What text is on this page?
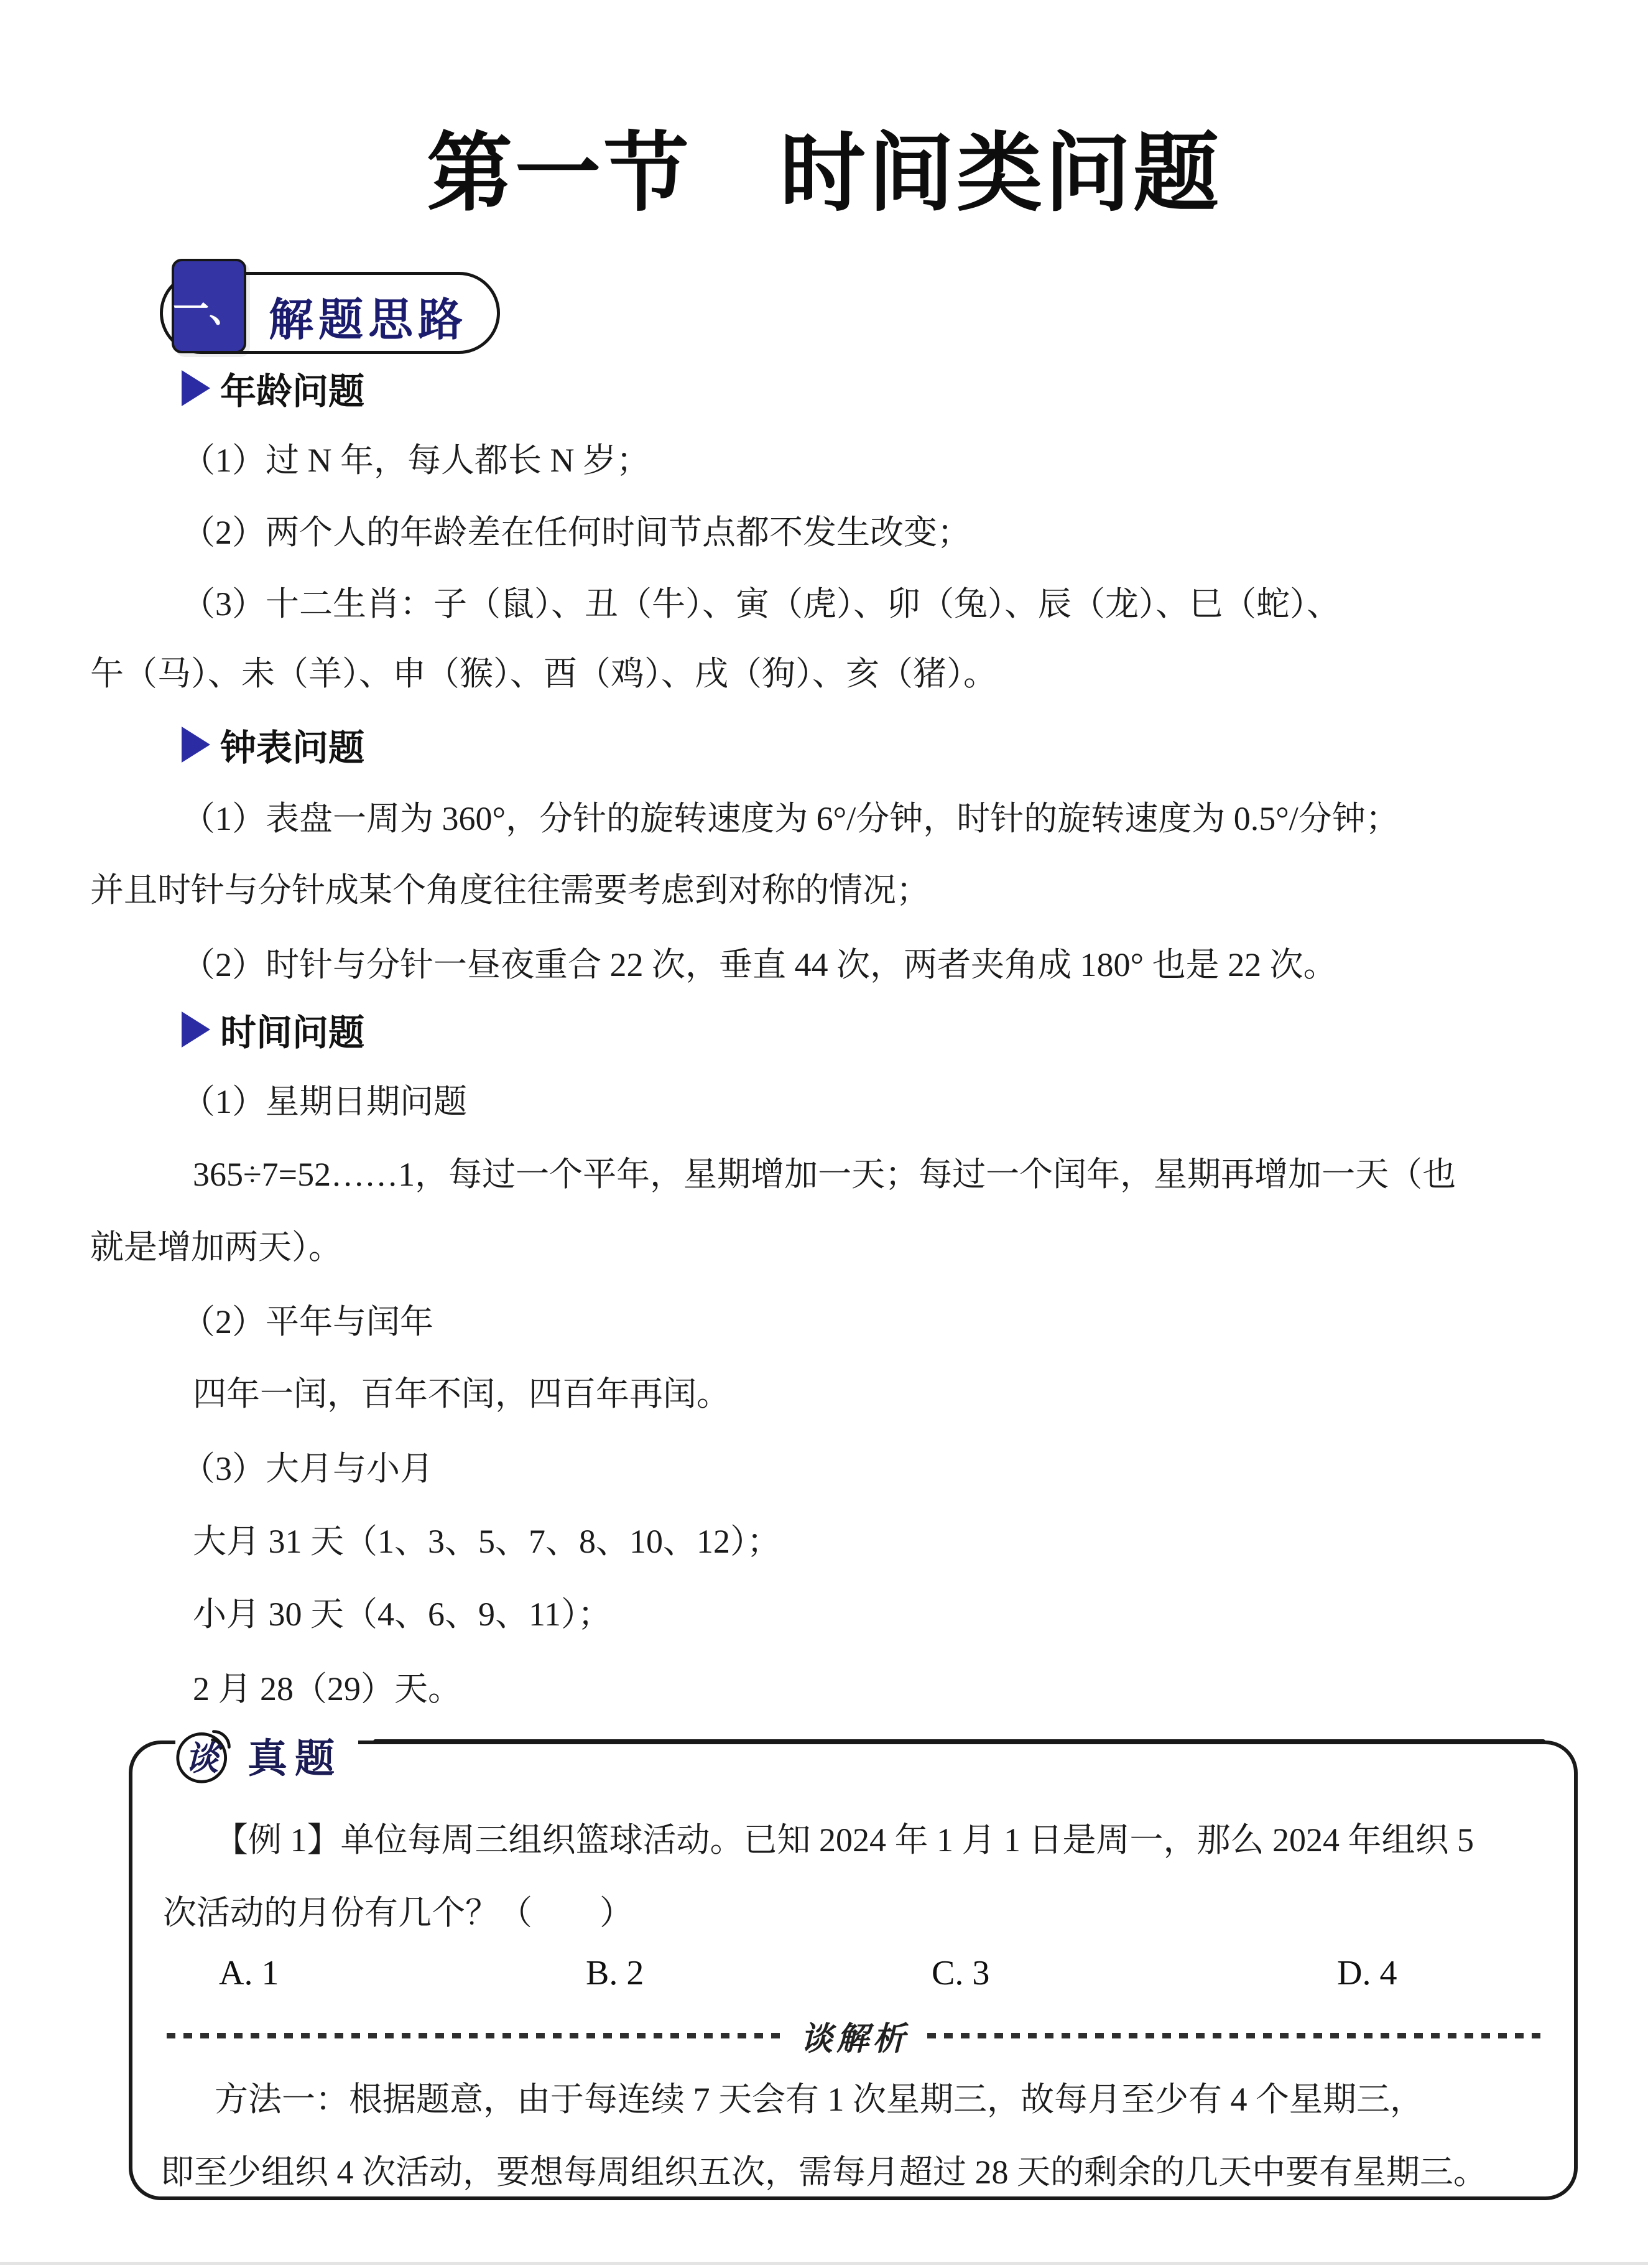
第一节　时间类问题
解题思路
一、
年龄问题
（1）过 N 年，每人都长 N 岁；
（2）两个人的年龄差在任何时间节点都不发生改变；
（3）十二生肖：子（鼠）、丑（牛）、寅（虎）、卯（兔）、辰（龙）、巳（蛇）、
午（马）、未（羊）、申（猴）、酉（鸡）、戌（狗）、亥（猪）。
钟表问题
（1）表盘一周为 360°，分针的旋转速度为 6°/分钟，时针的旋转速度为 0.5°/分钟；
并且时针与分针成某个角度往往需要考虑到对称的情况；
（2）时针与分针一昼夜重合 22 次，垂直 44 次，两者夹角成 180° 也是 22 次。
时间问题
（1）星期日期问题
365÷7=52……1，每过一个平年，星期增加一天；每过一个闰年，星期再增加一天（也
就是增加两天）。
（2）平年与闰年
四年一闰，百年不闰，四百年再闰。
（3）大月与小月
大月 31 天（1、3、5、7、8、10、12）；
小月 30 天（4、6、9、11）；
2 月 28（29）天。
谈 真题
【例 1】单位每周三组织篮球活动。已知 2024 年 1 月 1 日是周一，那么 2024 年组织 5
次活动的月份有几个？（　　）
A. 1	B. 2	C. 3	D. 4
谈解析
方法一：根据题意，由于每连续 7 天会有 1 次星期三，故每月至少有 4 个星期三，
即至少组织 4 次活动，要想每周组织五次，需每月超过 28 天的剩余的几天中要有星期三。
